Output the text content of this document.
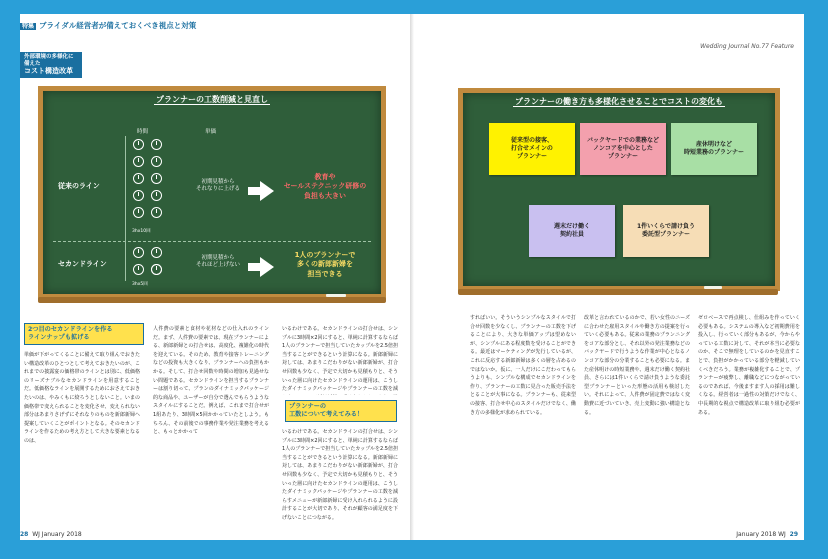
特集 ブライダル経営者が備えておくべき視点と対策
外部環境の多様化に備えた
コスト構造改革
プランナーの工数削減と見直し
時間	単価
従来のライン
セカンドライン
3hx10回
3hx5回
初期見積から
それなりに上げる
初期見積から
それほど上げない
教育や
セールステクニック研修の
負担も大きい
1人のプランナーで
多くの新郎新婦を
担当できる
2つ目のセカンドラインを作る
ラインナップも拡げる
単価が下がってくることに備えて取り組んでおきたい構造改革のひとつとして考えておきたいのが、これまでの披露宴の価格帯のラインとは別に、低価格のリーズナブルなセカンドラインを用意することだ。低価格なラインを展開するためにおさえておきたいのは、やみくもに絞ろうとしないこと。いまの価格帯で変えられることを変化させ、変えられない部分はあまりさげずにそれなりのものを新郎新婦へ提案していくことがポイントとなる。そのセカンドラインを作るための考え方として大きな要素となるのは、
人件費の要素と食材や花材などの仕入れのラインだ。まず、人件費の要素では、現在プランナーによる、新郎新婦との打合せは、高度化、複雑化の時代を迎えている。そのため、教育や接客トレーニングなどの投資も大きくなり、プランナーへの負担もかかる。そして、打合せ回数や時間の増加も見過せない問題である。セカンドラインを担当するプランナーは割り切って、プランのダイナミックパッケージ的な商品や、ユーザーが自分で選んでもらうようなスタイルにすることだ。例えば、これまで打合せが1組あたり、3時間×5回かかっていたとしよう。もちろん、その前後での事務作業や発注業務を考えると、もっとかかって
いるわけである。セカンドラインの打合せは、シンプルに3時間×2回にすると、単純に計算するならば1人のプランナーで担当していたカップルを2.5倍担当することができるという計算になる。新郎新婦に対しては、あまりこだわりがない新郎新婦が、打合せ回数も少なく、予定で大切かも見積もりと、そういった層に向けたセカンドラインの運用は、こうしたダイナミックパッケージやプランナーの工数を減
プランナーの
工数について考えてみる！
いるわけである。セカンドラインの打合せは、シンプルに3時間×2回にすると、単純に計算するならば1人のプランナーで担当していたカップルを2.5倍担当することができるという計算になる。新郎新婦に対しては、あまりこだわりがない新郎新婦が、打合せ回数も少なく、予定で大切かも見積もりと、そういった層に向けたセカンドラインの運用は、こうしたダイナミックパッケージやプランナーの工数を減らすメニューが新郎新婦に受け入れられるように設計することが大切であり、それが顧客の満足度を下げないことにつながる。
28 WJ January 2018
Wedding Journal No.77 Feature
プランナーの働き方も多様化させることでコストの変化も
従来型の接客、
打合せメインの
プランナー
バックヤードでの業務など
ノンコアを中心とした
プランナー
産休明けなど
時短業務のプランナー
週末だけ働く
契約社員
1件いくらで請け負う
委託型プランナー
すればいい。そういうシンプルなスタイルで打合せ回数を少なくし、プランナーの工数を下げることにより、大きな単価アップは望めないが、シンプルにある程度数を受けることができる。最近はマーケティングが先行しているが、これに反応する新郎新婦は多くの層を占めるのではないか。仮に、一人だけにこだわってもらうよりも、シンプルな構成でセカンドラインを作り、プランナーの工数に見合った販売手法をとることが大事になる。プランナーも、従来型の接客、打合せ中心のスタイルだけでなく、働き方の多様化が求められている。
改革と言われているのかで、若い女性のニーズに合わせた雇用スタイルや働き方の提案を行っていく必要もある。従来の業務のプランニングをコアな部分とし、それ以外の発注業務などのバックヤードで行うような作業が中心となるノンコアな部分の分業することも必要になる。また産休明けの時短業務や、週末だけ働く契約社員、さらには1件いくらで請け負うような委託型プランナーといった形態の活用も検討したい。それによって、人件費が固定費ではなく変動費に近づいていき、売上変動に強い構造となる。
ゼロベースで再点検し、仕組みを作っていく必要もある。システムの導入など初期費用を投入し、行っていく部分もあるが、今からやっている工数に対して、それが本当に必要なのか、そこで無理をしているのかを見直すことで、負担がかかっている部分を軽減していくべきだろう。業務が複雑化することで、プランナーが疲弊し、離職などにつながっているのであれば、今後ますます人の採用は難しくなる。経営者は一過性の対策だけでなく、中長期的な視点で構造改革に取り組む必要がある。
January 2018 WJ 29
